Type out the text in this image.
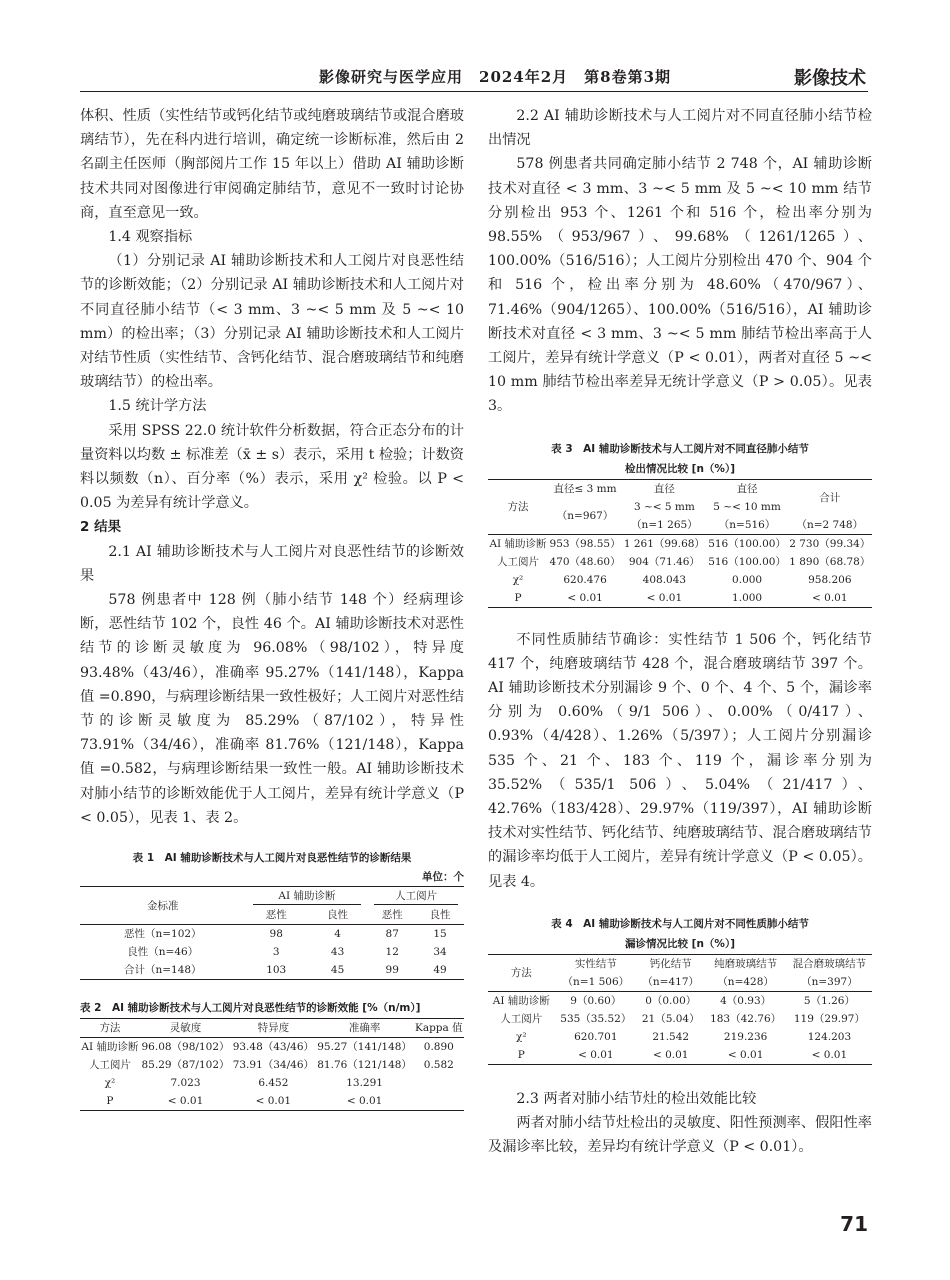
影像研究与医学应用　2024年2月　第8卷第3期	影像技术

体积、性质（实性结节或钙化结节或纯磨玻璃结节或混合磨玻璃结节），先在科内进行培训，确定统一诊断标准，然后由 2 名副主任医师（胸部阅片工作 15 年以上）借助 AI 辅助诊断技术共同对图像进行审阅确定肺结节，意见不一致时讨论协商，直至意见一致。

1.4 观察指标

（1）分别记录 AI 辅助诊断技术和人工阅片对良恶性结节的诊断效能；（2）分别记录 AI 辅助诊断技术和人工阅片对不同直径肺小结节（< 3 mm、3 ~< 5 mm 及 5 ~< 10 mm）的检出率；（3）分别记录 AI 辅助诊断技术和人工阅片对结节性质（实性结节、含钙化结节、混合磨玻璃结节和纯磨玻璃结节）的检出率。

1.5 统计学方法

采用 SPSS 22.0 统计软件分析数据，符合正态分布的计量资料以均数 ± 标准差（x̄ ± s）表示，采用 t 检验；计数资料以频数（n）、百分率（%）表示，采用 χ² 检验。以 P < 0.05 为差异有统计学意义。

2 结果

2.1 AI 辅助诊断技术与人工阅片对良恶性结节的诊断效果

578 例患者中 128 例（肺小结节 148 个）经病理诊断，恶性结节 102 个，良性 46 个。AI 辅助诊断技术对恶性结节的诊断灵敏度为 96.08%（98/102），特异度 93.48%（43/46），准确率 95.27%（141/148），Kappa 值 =0.890，与病理诊断结果一致性极好；人工阅片对恶性结节的诊断灵敏度为 85.29%（87/102），特异性 73.91%（34/46），准确率 81.76%（121/148），Kappa 值 =0.582，与病理诊断结果一致性一般。AI 辅助诊断技术对肺小结节的诊断效能优于人工阅片，差异有统计学意义（P < 0.05），见表 1、表 2。

表 1　AI 辅助诊断技术与人工阅片对良恶性结节的诊断结果

单位：个
金标准	AI 辅助诊断		人工阅片	
	恶性	良性	恶性	良性
恶性（n=102）	98	4	87	15
良性（n=46）	3	43	12	34
合计（n=148）	103	45	99	49

表 2　AI 辅助诊断技术与人工阅片对良恶性结节的诊断效能 [%（n/m）]

方法	灵敏度	特异度	准确率	Kappa 值
AI 辅助诊断	96.08（98/102）	93.48（43/46）	95.27（141/148）	0.890
人工阅片	85.29（87/102）	73.91（34/46）	81.76（121/148）	0.582
χ²	7.023	6.452	13.291	
P	< 0.01	< 0.01	< 0.01	

2.2 AI 辅助诊断技术与人工阅片对不同直径肺小结节检出情况

578 例患者共同确定肺小结节 2 748 个，AI 辅助诊断技术对直径 < 3 mm、3 ~< 5 mm 及 5 ~< 10 mm 结节分别检出 953 个、1261 个和 516 个，检出率分别为 98.55%（953/967）、99.68%（1261/1265）、100.00%（516/516）；人工阅片分别检出 470 个、904 个和 516 个，检出率分别为 48.60%（470/967）、71.46%（904/1265）、100.00%（516/516），AI 辅助诊断技术对直径 < 3 mm、3 ~< 5 mm 肺结节检出率高于人工阅片，差异有统计学意义（P < 0.01），两者对直径 5 ~< 10 mm 肺结节检出率差异无统计学意义（P > 0.05）。见表 3。

表 3　AI 辅助诊断技术与人工阅片对不同直径肺小结节

检出情况比较 [n（%）]

方法	直径≤ 3 mm	直径	直径	合计
	（n=967）	3 ~< 5 mm	5 ~< 10 mm	
		（n=1 265）	（n=516）	（n=2 748）
AI 辅助诊断	953（98.55）	1 261（99.68）	516（100.00）	2 730（99.34）
人工阅片	470（48.60）	904（71.46）	516（100.00）	1 890（68.78）
χ²	620.476	408.043	0.000	958.206
P	< 0.01	< 0.01	1.000	< 0.01

不同性质肺结节确诊：实性结节 1 506 个，钙化结节 417 个，纯磨玻璃结节 428 个，混合磨玻璃结节 397 个。AI 辅助诊断技术分别漏诊 9 个、0 个、4 个、5 个，漏诊率分别为 0.60%（9/1 506）、0.00%（0/417）、0.93%（4/428）、1.26%（5/397）；人工阅片分别漏诊 535 个、21 个、183 个、119 个，漏诊率分别为 35.52%（535/1 506）、5.04%（21/417）、42.76%（183/428）、29.97%（119/397），AI 辅助诊断技术对实性结节、钙化结节、纯磨玻璃结节、混合磨玻璃结节的漏诊率均低于人工阅片，差异有统计学意义（P < 0.05）。见表 4。

表 4　AI 辅助诊断技术与人工阅片对不同性质肺小结节

漏诊情况比较 [n（%）]

方法	实性结节	钙化结节	纯磨玻璃结节	混合磨玻璃结节
	（n=1 506）	（n=417）	（n=428）	（n=397）
AI 辅助诊断	9（0.60）	0（0.00）	4（0.93）	5（1.26）
人工阅片	535（35.52）	21（5.04）	183（42.76）	119（29.97）
χ²	620.701	21.542	219.236	124.203
P	< 0.01	< 0.01	< 0.01	< 0.01

2.3 两者对肺小结节灶的检出效能比较

两者对肺小结节灶检出的灵敏度、阳性预测率、假阳性率及漏诊率比较，差异均有统计学意义（P < 0.01）。

71
